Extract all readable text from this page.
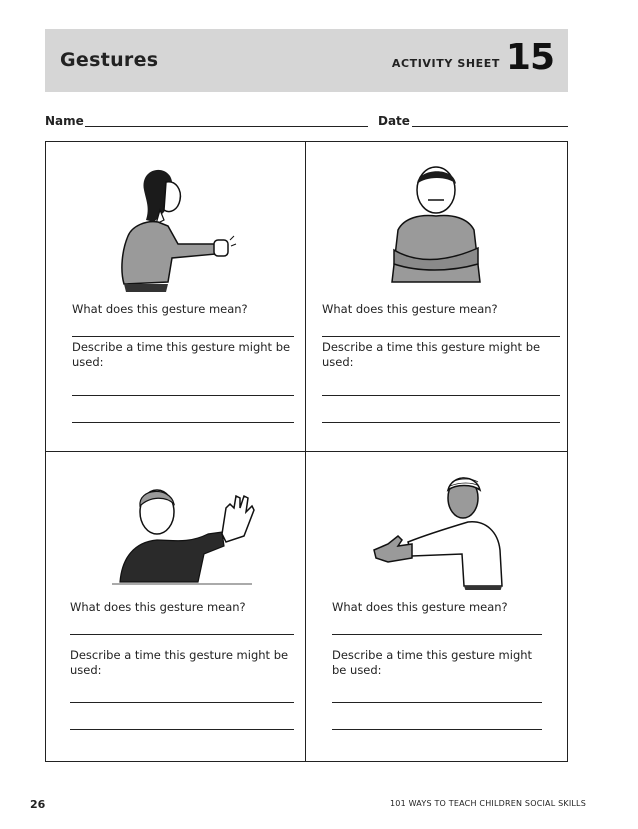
Gestures	ACTIVITY SHEET 15
Name	Date
What does this gesture mean?
Describe a time this gesture might be used:
What does this gesture mean?
Describe a time this gesture might be used:
What does this gesture mean?
Describe a time this gesture might be used:
What does this gesture mean?
Describe a time this gesture might be used:
26	101 WAYS TO TEACH CHILDREN SOCIAL SKILLS
